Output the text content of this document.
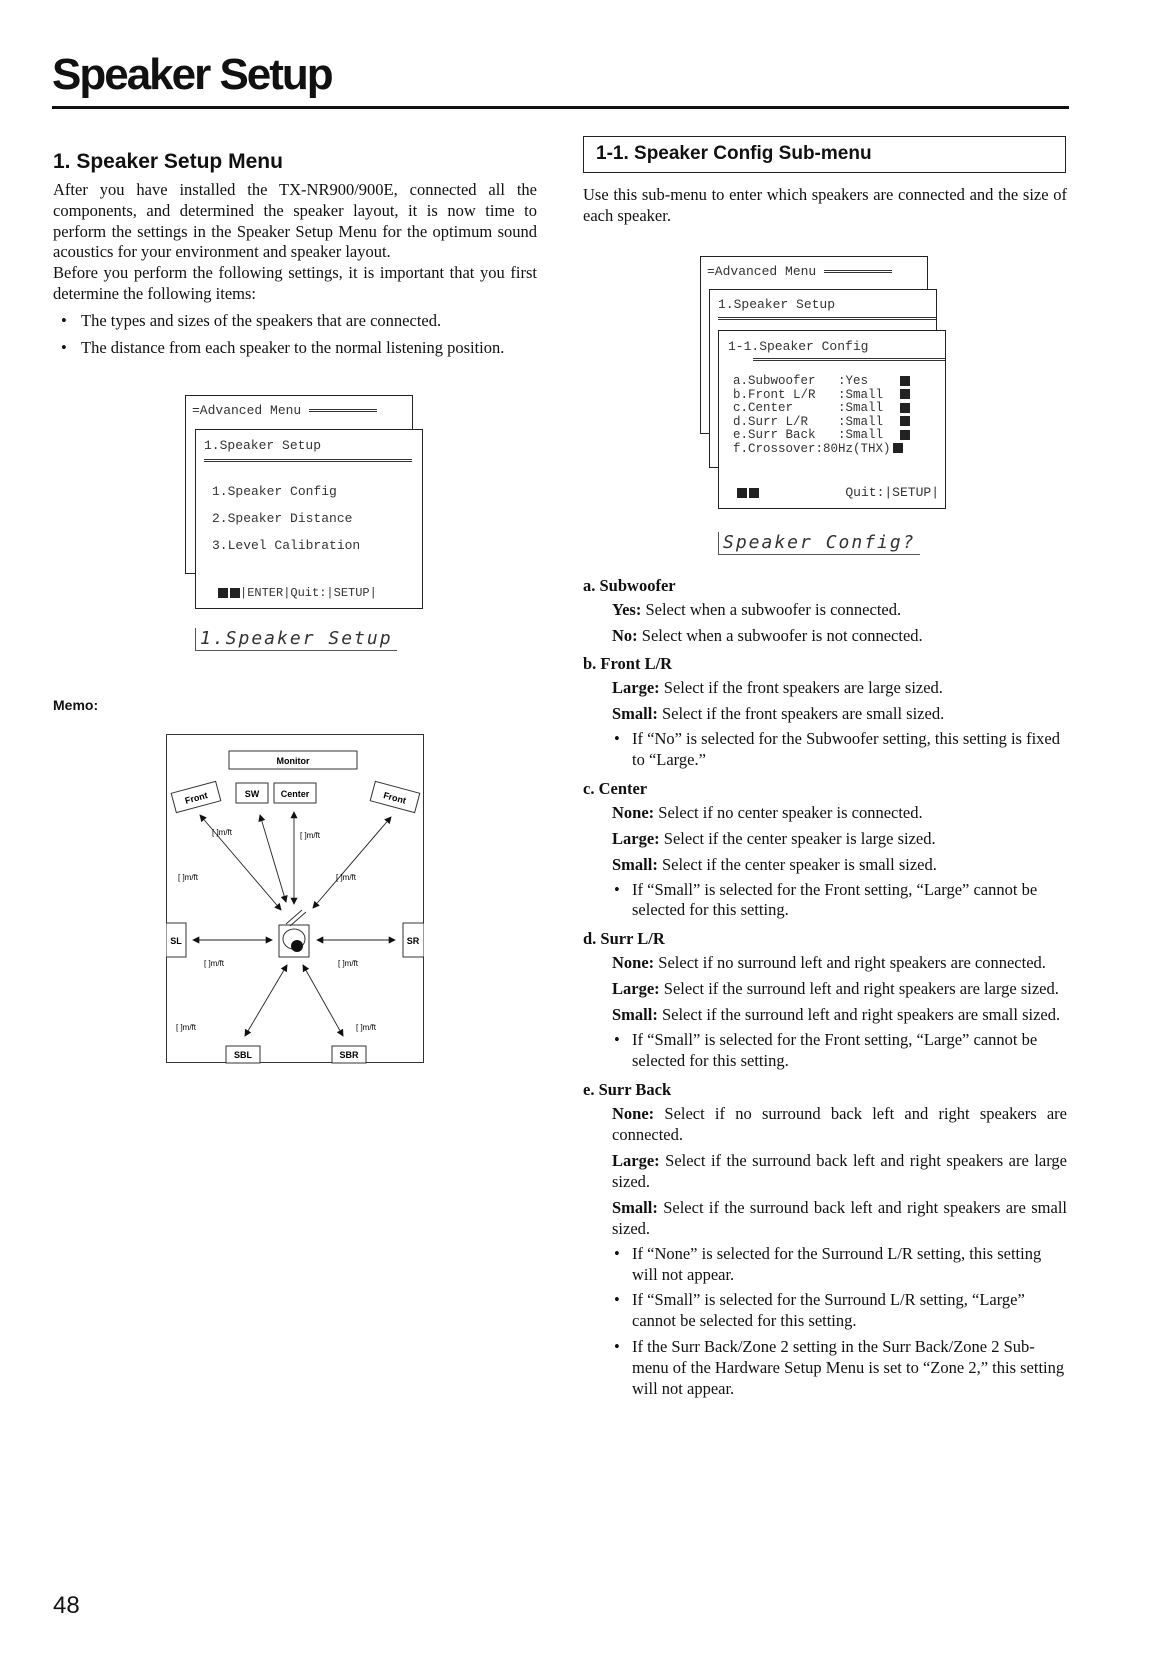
Speaker Setup
1. Speaker Setup Menu

After you have installed the TX-NR900/900E, connected all the components, and determined the speaker layout, it is now time to perform the settings in the Speaker Setup Menu for the optimum sound acoustics for your environment and speaker layout.

Before you perform the following settings, it is important that you first determine the following items:

• The types and sizes of the speakers that are connected.
• The distance from each speaker to the normal listening position.
=Advanced Menu
1.Speaker Setup
1.Speaker Config
2.Speaker Distance
3.Level Calibration
|ENTER|Quit:|SETUP|
1.Speaker Setup
Memo:
Monitor
SW Center
Front	Front
SL	SR
SBL	SBR
[ ]m/ft	[ ]m/ft
[ ]m/ft	[ ]m/ft
[ ]m/ft	[ ]m/ft
[ ]m/ft	[ ]m/ft
1-1. Speaker Config Sub-menu

Use this sub-menu to enter which speakers are connected and the size of each speaker.

=Advanced Menu
1.Speaker Setup
1-1.Speaker Config
a.Subwoofer   :Yes
b.Front L/R   :Small
c.Center      :Small
d.Surr L/R    :Small
e.Surr Back   :Small
f.Crossover:80Hz(THX)
Quit:|SETUP|
Speaker Config?
a. Subwoofer
Yes: Select when a subwoofer is connected.
No: Select when a subwoofer is not connected.
b. Front L/R
Large: Select if the front speakers are large sized.
Small: Select if the front speakers are small sized.
• If “No” is selected for the Subwoofer setting, this setting is fixed to “Large.”
c. Center
None: Select if no center speaker is connected.
Large: Select if the center speaker is large sized.
Small: Select if the center speaker is small sized.
• If “Small” is selected for the Front setting, “Large” cannot be selected for this setting.
d. Surr L/R
None: Select if no surround left and right speakers are connected.
Large: Select if the surround left and right speakers are large sized.
Small: Select if the surround left and right speakers are small sized.
• If “Small” is selected for the Front setting, “Large” cannot be selected for this setting.
e. Surr Back
None: Select if no surround back left and right speakers are connected.
Large: Select if the surround back left and right speakers are large sized.
Small: Select if the surround back left and right speakers are small sized.
• If “None” is selected for the Surround L/R setting, this setting will not appear.
• If “Small” is selected for the Surround L/R setting, “Large” cannot be selected for this setting.
• If the Surr Back/Zone 2 setting in the Surr Back/Zone 2 Sub-menu of the Hardware Setup Menu is set to “Zone 2,” this setting will not appear.
48
